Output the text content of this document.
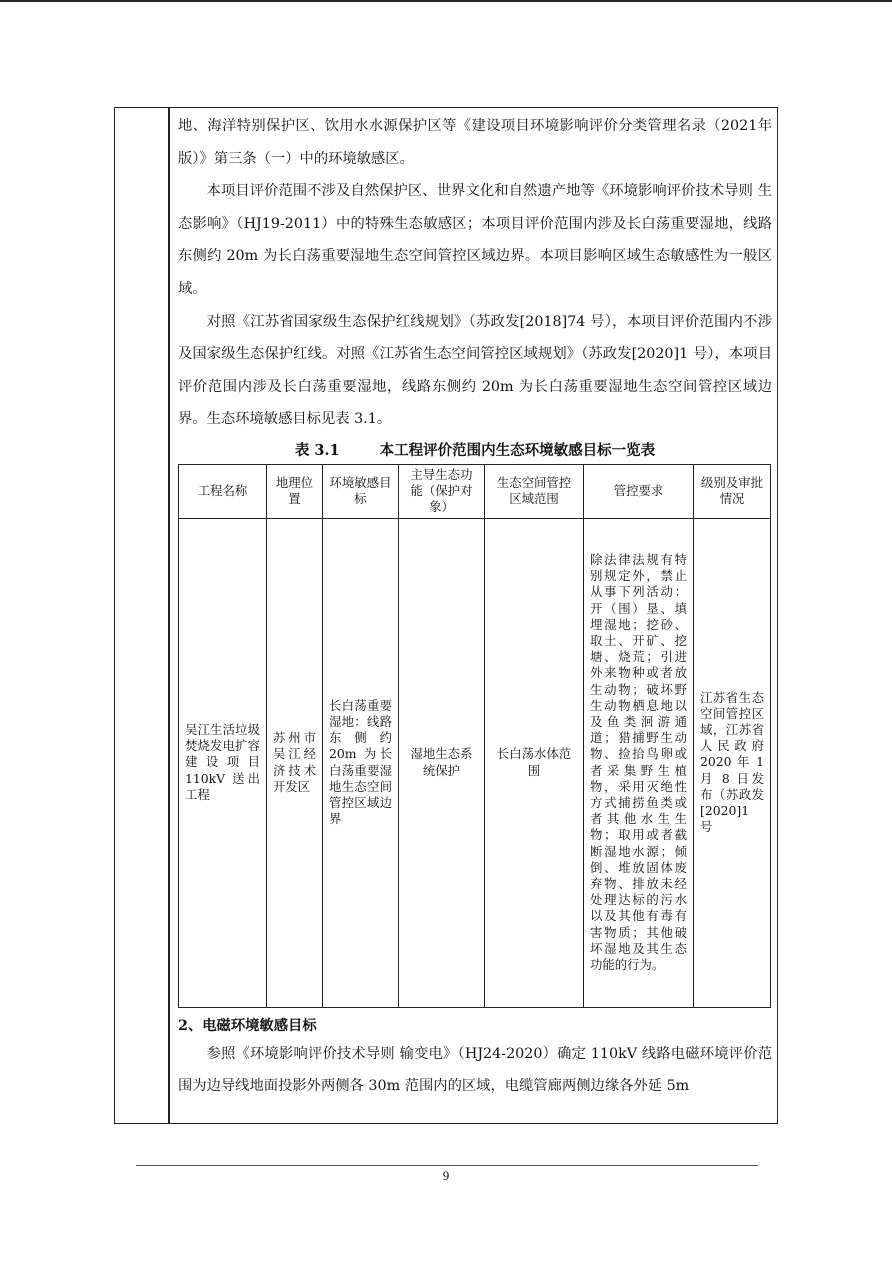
地、海洋特别保护区、饮用水水源保护区等《建设项目环境影响评价分类管理名录（2021年版）》第三条（一）中的环境敏感区。

本项目评价范围不涉及自然保护区、世界文化和自然遗产地等《环境影响评价技术导则 生态影响》（HJ19-2011）中的特殊生态敏感区；本项目评价范围内涉及长白荡重要湿地，线路东侧约 20m 为长白荡重要湿地生态空间管控区域边界。本项目影响区域生态敏感性为一般区域。

对照《江苏省国家级生态保护红线规划》（苏政发[2018]74 号），本项目评价范围内不涉及国家级生态保护红线。对照《江苏省生态空间管控区域规划》（苏政发[2020]1 号），本项目评价范围内涉及长白荡重要湿地，线路东侧约 20m 为长白荡重要湿地生态空间管控区域边界。生态环境敏感目标见表 3.1。

表 3.1	本工程评价范围内生态环境敏感目标一览表
工程名称	地理位置	环境敏感目标	主导生态功能（保护对象）	生态空间管控区域范围	管控要求	级别及审批情况
吴江生活垃圾焚烧发电扩容建设项目 110kV 送出工程	苏州市吴江经济技术开发区	长白荡重要湿地：线路东侧约 20m 为长白荡重要湿地生态空间管控区域边界	湿地生态系统保护	长白荡水体范围	除法律法规有特别规定外，禁止从事下列活动：开（围）垦、填埋湿地；挖砂、取土、开矿、挖塘、烧荒；引进外来物种或者放生动物；破坏野生动物栖息地以及鱼类洄游通道；猎捕野生动物、捡拾鸟卵或者采集野生植物，采用灭绝性方式捕捞鱼类或者其他水生生物；取用或者截断湿地水源；倾倒、堆放固体废弃物、排放未经处理达标的污水以及其他有毒有害物质；其他破坏湿地及其生态功能的行为。	江苏省生态空间管控区域，江苏省人民政府 2020 年 1 月 8 日发布（苏政发[2020]1 号

2、电磁环境敏感目标

参照《环境影响评价技术导则 输变电》（HJ24-2020）确定 110kV 线路电磁环境评价范围为边导线地面投影外两侧各 30m 范围内的区域，电缆管廊两侧边缘各外延 5m

9
